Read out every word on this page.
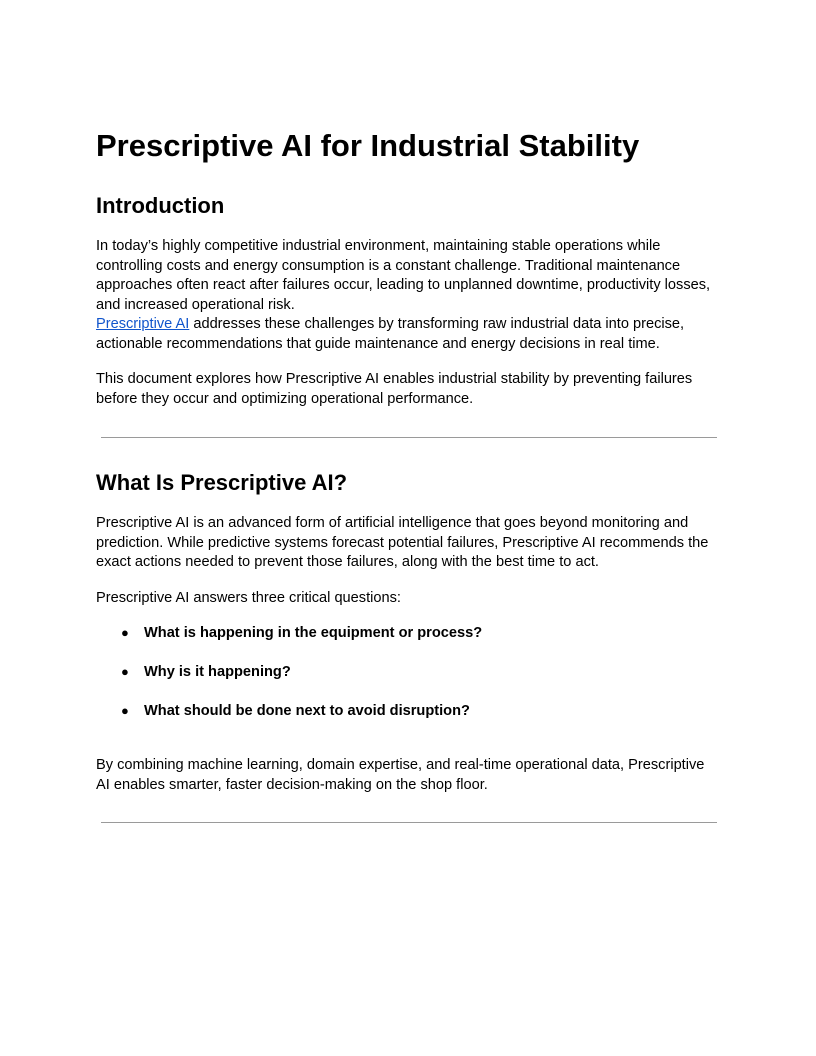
Prescriptive AI for Industrial Stability
Introduction

In today’s highly competitive industrial environment, maintaining stable operations while controlling costs and energy consumption is a constant challenge. Traditional maintenance approaches often react after failures occur, leading to unplanned downtime, productivity losses, and increased operational risk.
Prescriptive AI addresses these challenges by transforming raw industrial data into precise, actionable recommendations that guide maintenance and energy decisions in real time.

This document explores how Prescriptive AI enables industrial stability by preventing failures before they occur and optimizing operational performance.

What Is Prescriptive AI?

Prescriptive AI is an advanced form of artificial intelligence that goes beyond monitoring and prediction. While predictive systems forecast potential failures, Prescriptive AI recommends the exact actions needed to prevent those failures, along with the best time to act.

Prescriptive AI answers three critical questions:

● What is happening in the equipment or process?
● Why is it happening?
● What should be done next to avoid disruption?

By combining machine learning, domain expertise, and real-time operational data, Prescriptive AI enables smarter, faster decision-making on the shop floor.
